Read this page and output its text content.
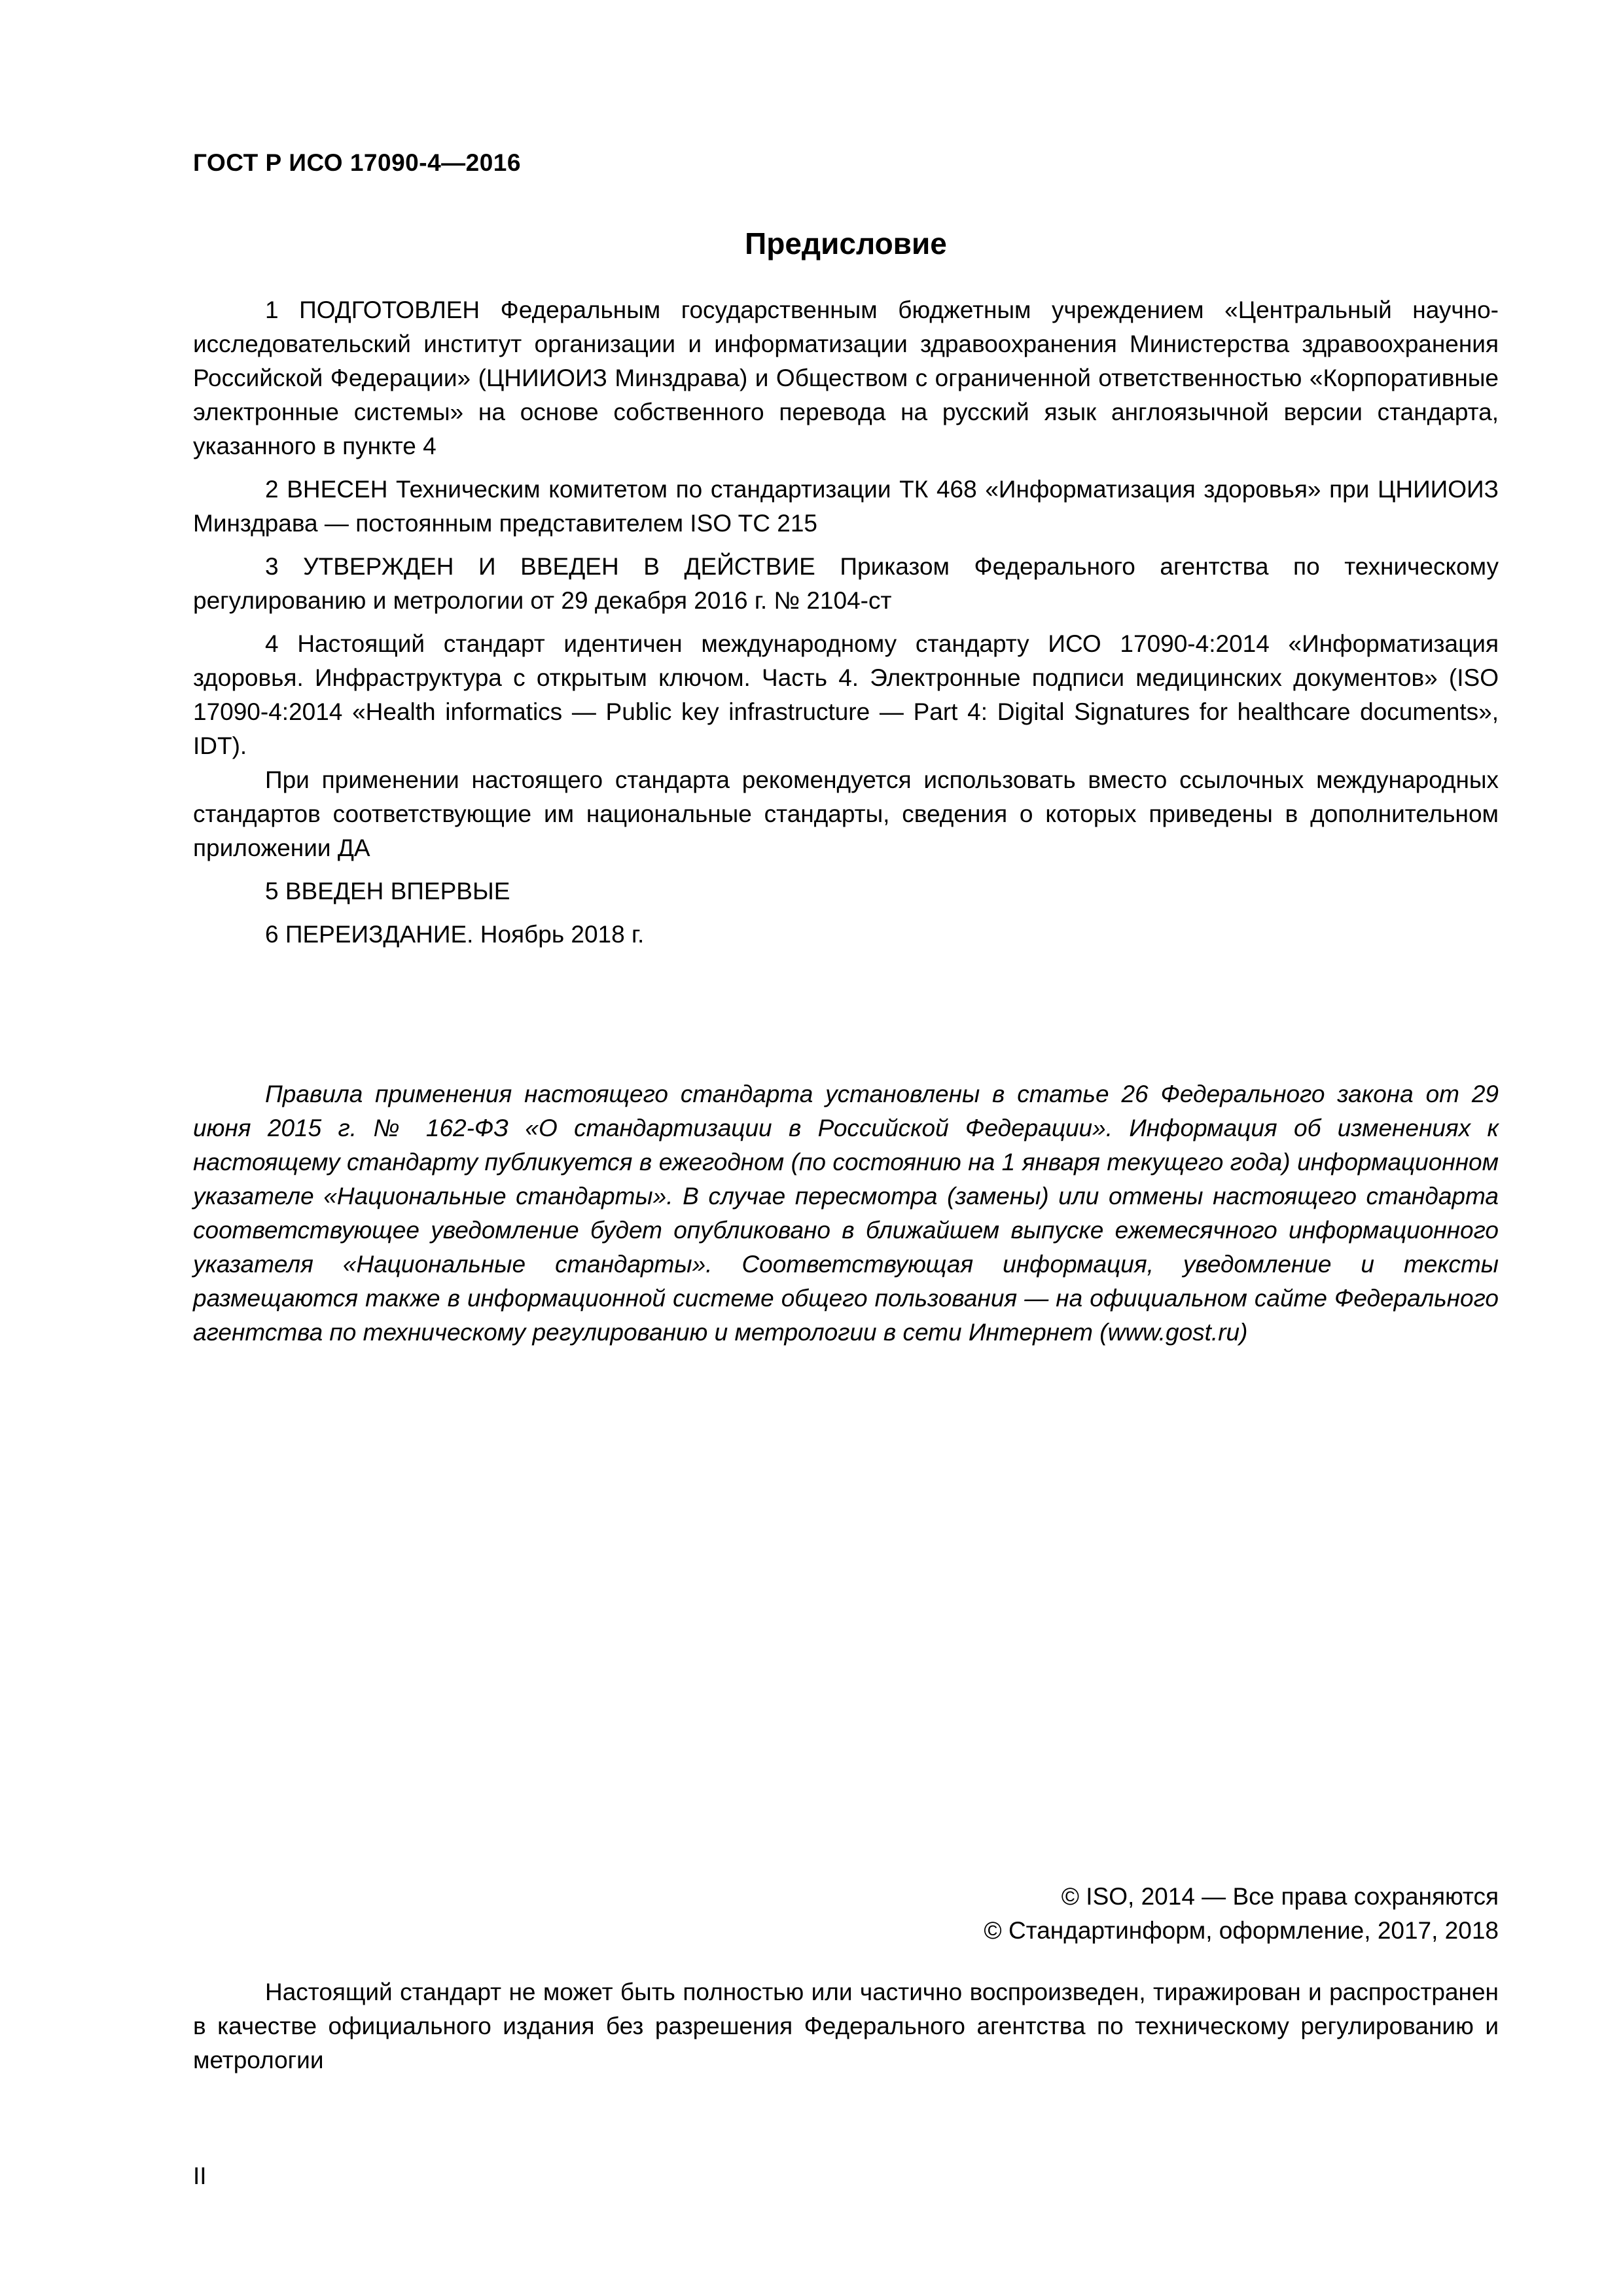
ГОСТ Р ИСО 17090-4—2016
Предисловие

1 ПОДГОТОВЛЕН Федеральным государственным бюджетным учреждением «Центральный научно-исследовательский институт организации и информатизации здравоохранения Министерства здравоохранения Российской Федерации» (ЦНИИОИЗ Минздрава) и Обществом с ограниченной ответственностью «Корпоративные электронные системы» на основе собственного перевода на русский язык англоязычной версии стандарта, указанного в пункте 4

2 ВНЕСЕН Техническим комитетом по стандартизации ТК 468 «Информатизация здоровья» при ЦНИИОИЗ Минздрава — постоянным представителем ISO TC 215

3 УТВЕРЖДЕН И ВВЕДЕН В ДЕЙСТВИЕ Приказом Федерального агентства по техническому регулированию и метрологии от 29 декабря 2016 г. № 2104-ст

4 Настоящий стандарт идентичен международному стандарту ИСО 17090-4:2014 «Информатизация здоровья. Инфраструктура с открытым ключом. Часть 4. Электронные подписи медицинских документов» (ISO 17090-4:2014 «Health informatics — Public key infrastructure — Part 4: Digital Signatures for healthcare documents», IDT).

При применении настоящего стандарта рекомендуется использовать вместо ссылочных международных стандартов соответствующие им национальные стандарты, сведения о которых приведены в дополнительном приложении ДА

5 ВВЕДЕН ВПЕРВЫЕ

6 ПЕРЕИЗДАНИЕ. Ноябрь 2018 г.

Правила применения настоящего стандарта установлены в статье 26 Федерального закона от 29 июня 2015 г. № 162-ФЗ «О стандартизации в Российской Федерации». Информация об изменениях к настоящему стандарту публикуется в ежегодном (по состоянию на 1 января текущего года) информационном указателе «Национальные стандарты». В случае пересмотра (замены) или отмены настоящего стандарта соответствующее уведомление будет опубликовано в ближайшем выпуске ежемесячного информационного указателя «Национальные стандарты». Соответствующая информация, уведомление и тексты размещаются также в информационной системе общего пользования — на официальном сайте Федерального агентства по техническому регулированию и метрологии в сети Интернет (www.gost.ru)

© ISO, 2014 — Все права сохраняются
© Стандартинформ, оформление, 2017, 2018

Настоящий стандарт не может быть полностью или частично воспроизведен, тиражирован и распространен в качестве официального издания без разрешения Федерального агентства по техническому регулированию и метрологии

II
